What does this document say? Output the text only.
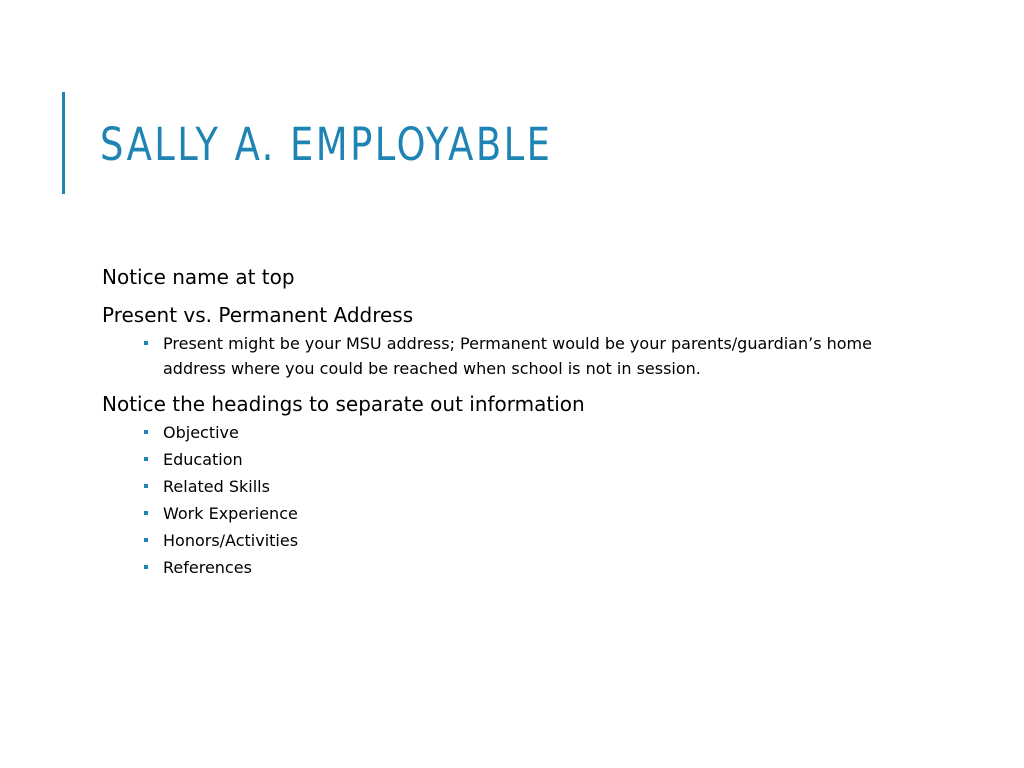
SALLY A. EMPLOYABLE

Notice name at top

Present vs. Permanent Address

Present might be your MSU address; Permanent would be your parents/guardian’s home address where you could be reached when school is not in session.

Notice the headings to separate out information

Objective
Education
Related Skills
Work Experience
Honors/Activities
References
